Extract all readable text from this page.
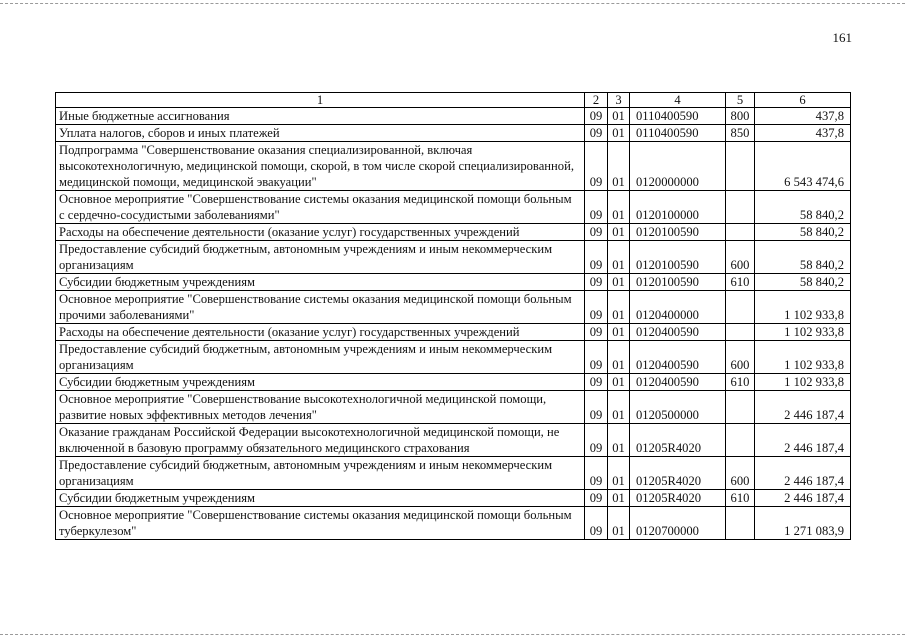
161
1	2	3	4	5	6
Иные бюджетные ассигнования	09	01	0110400590	800	437,8
Уплата налогов, сборов и иных платежей	09	01	0110400590	850	437,8
Подпрограмма "Совершенствование оказания специализированной, включая высокотехнологичную, медицинской помощи, скорой, в том числе скорой специализированной, медицинской помощи, медицинской эвакуации"	09	01	0120000000		6 543 474,6
Основное мероприятие "Совершенствование системы оказания медицинской помощи больным с сердечно-сосудистыми заболеваниями"	09	01	0120100000		58 840,2
Расходы на обеспечение деятельности (оказание услуг) государственных учреждений	09	01	0120100590		58 840,2
Предоставление субсидий бюджетным, автономным учреждениям и иным некоммерческим организациям	09	01	0120100590	600	58 840,2
Субсидии бюджетным учреждениям	09	01	0120100590	610	58 840,2
Основное мероприятие "Совершенствование системы оказания медицинской помощи больным прочими заболеваниями"	09	01	0120400000		1 102 933,8
Расходы на обеспечение деятельности (оказание услуг) государственных учреждений	09	01	0120400590		1 102 933,8
Предоставление субсидий бюджетным, автономным учреждениям и иным некоммерческим организациям	09	01	0120400590	600	1 102 933,8
Субсидии бюджетным учреждениям	09	01	0120400590	610	1 102 933,8
Основное мероприятие "Совершенствование высокотехнологичной медицинской помощи, развитие новых эффективных методов лечения"	09	01	0120500000		2 446 187,4
Оказание гражданам Российской Федерации высокотехнологичной медицинской помощи, не включенной в базовую программу обязательного медицинского страхования	09	01	01205R4020		2 446 187,4
Предоставление субсидий бюджетным, автономным учреждениям и иным некоммерческим организациям	09	01	01205R4020	600	2 446 187,4
Субсидии бюджетным учреждениям	09	01	01205R4020	610	2 446 187,4
Основное мероприятие "Совершенствование системы оказания медицинской помощи больным туберкулезом"	09	01	0120700000		1 271 083,9
